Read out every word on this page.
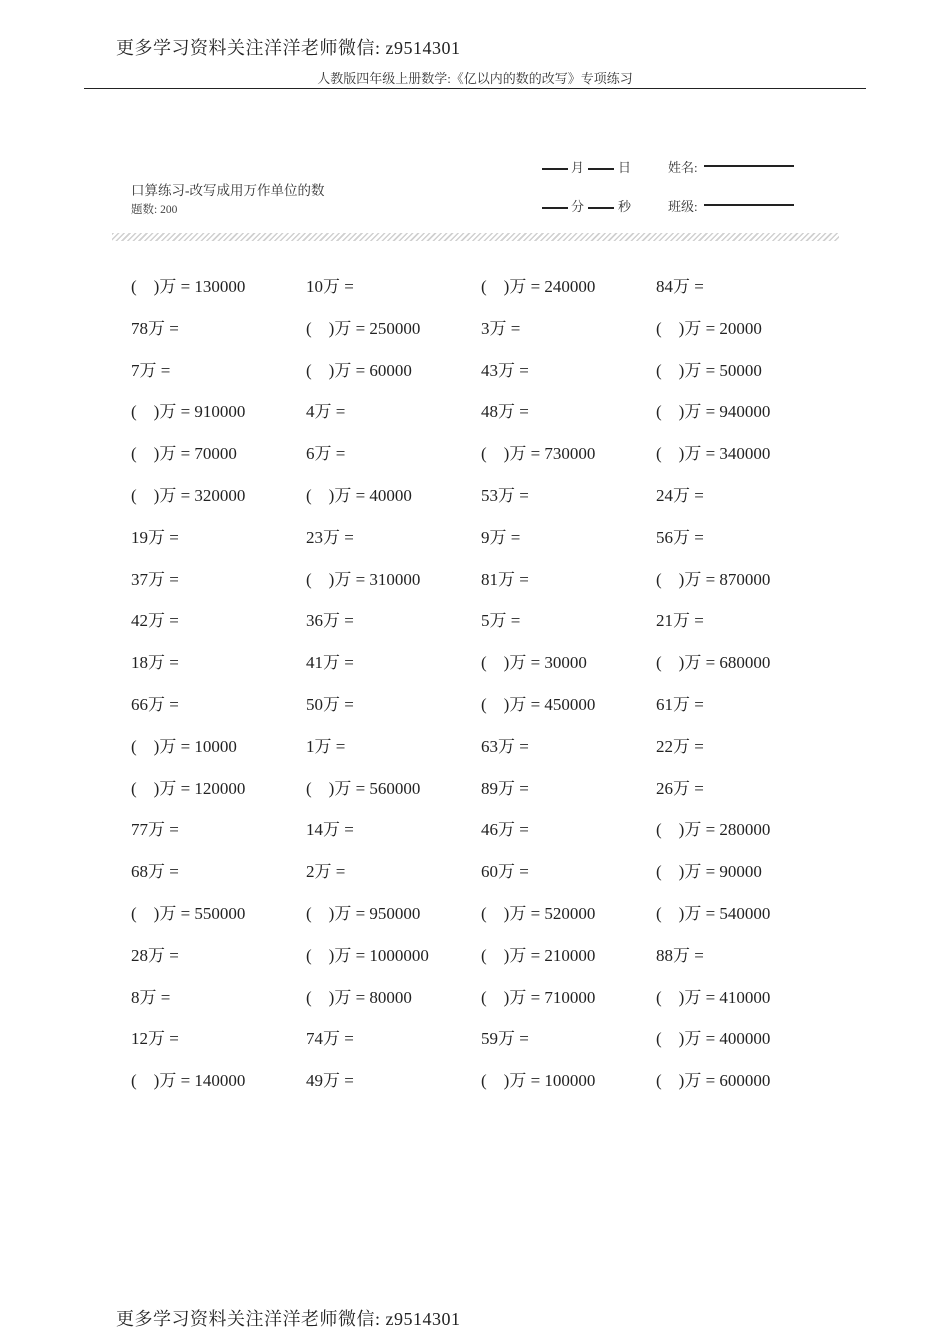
更多学习资料关注洋洋老师微信: z9514301
人教版四年级上册数学:《亿以内的数的改写》专项练习
口算练习-改写成用万作单位的数
题数: 200
月	日	姓名:
分	秒	班级:
(    )万 = 130000	10万 =	(    )万 = 240000	84万 =
78万 =	(    )万 = 250000	3万 =	(    )万 = 20000
7万 =	(    )万 = 60000	43万 =	(    )万 = 50000
(    )万 = 910000	4万 =	48万 =	(    )万 = 940000
(    )万 = 70000	6万 =	(    )万 = 730000	(    )万 = 340000
(    )万 = 320000	(    )万 = 40000	53万 =	24万 =
19万 =	23万 =	9万 =	56万 =
37万 =	(    )万 = 310000	81万 =	(    )万 = 870000
42万 =	36万 =	5万 =	21万 =
18万 =	41万 =	(    )万 = 30000	(    )万 = 680000
66万 =	50万 =	(    )万 = 450000	61万 =
(    )万 = 10000	1万 =	63万 =	22万 =
(    )万 = 120000	(    )万 = 560000	89万 =	26万 =
77万 =	14万 =	46万 =	(    )万 = 280000
68万 =	2万 =	60万 =	(    )万 = 90000
(    )万 = 550000	(    )万 = 950000	(    )万 = 520000	(    )万 = 540000
28万 =	(    )万 = 1000000	(    )万 = 210000	88万 =
8万 =	(    )万 = 80000	(    )万 = 710000	(    )万 = 410000
12万 =	74万 =	59万 =	(    )万 = 400000
(    )万 = 140000	49万 =	(    )万 = 100000	(    )万 = 600000
更多学习资料关注洋洋老师微信: z9514301
